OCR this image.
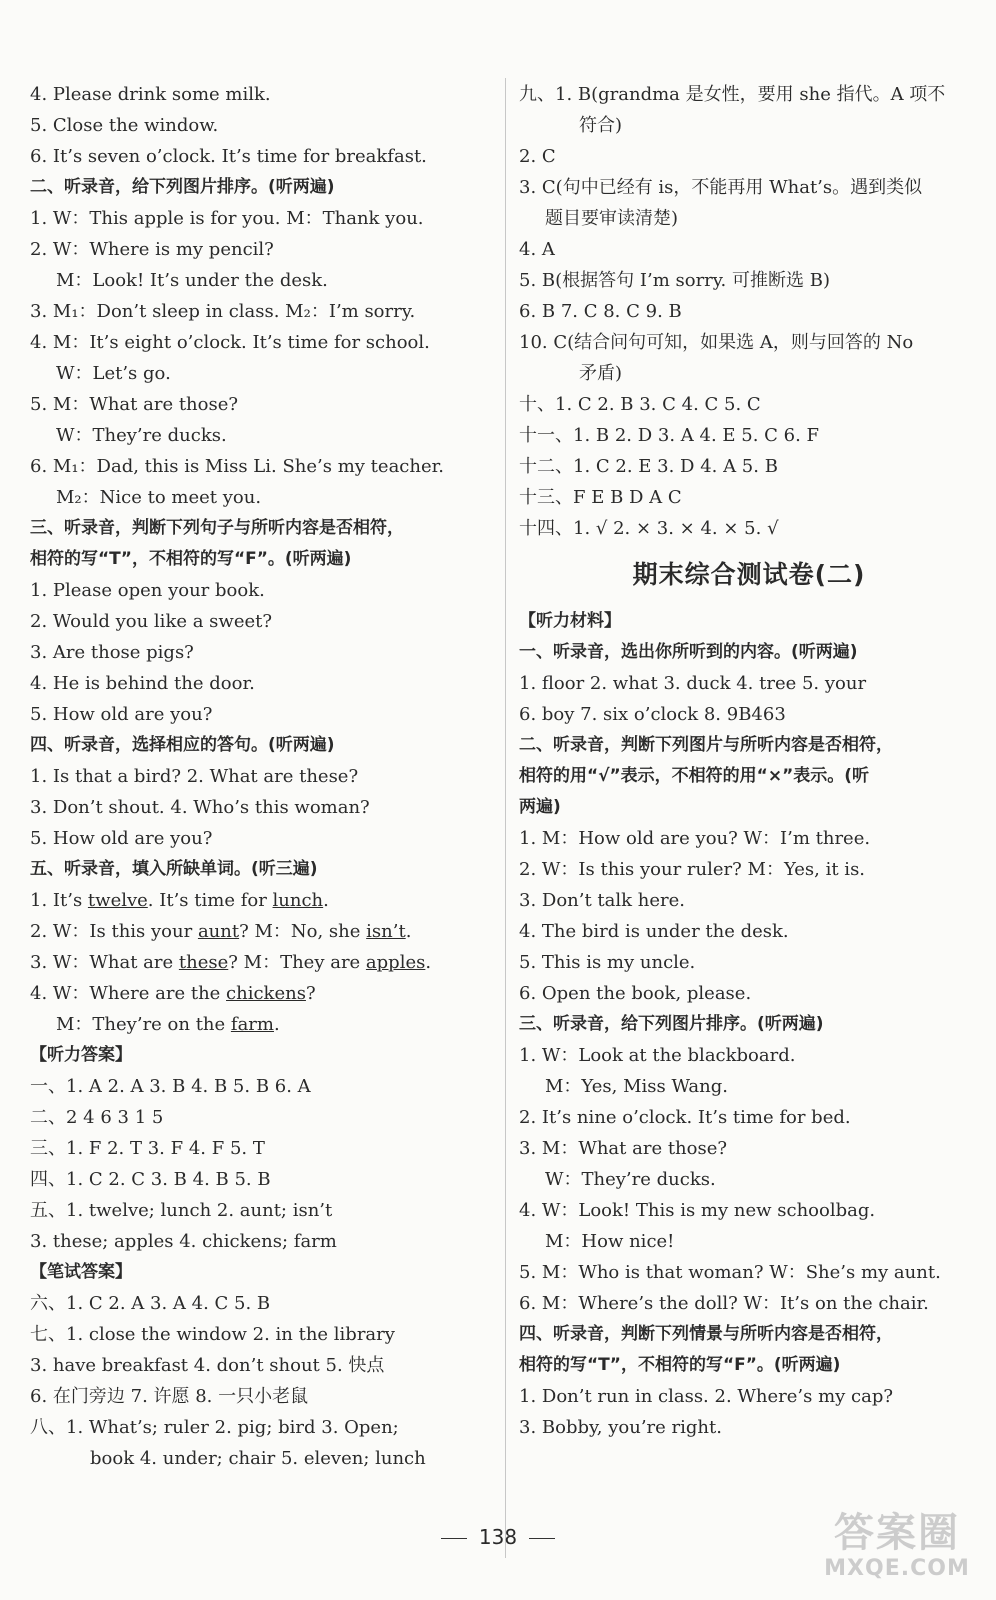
4. Please drink some milk.
5. Close the window.
6. It’s seven o’clock. It’s time for breakfast.
二、听录音，给下列图片排序。(听两遍)
1. W：This apple is for you. M：Thank you.
2. W：Where is my pencil?
M：Look! It’s under the desk.
3. M₁：Don’t sleep in class. M₂：I’m sorry.
4. M：It’s eight o’clock. It’s time for school.
W：Let’s go.
5. M：What are those?
W：They’re ducks.
6. M₁：Dad, this is Miss Li. She’s my teacher.
M₂：Nice to meet you.
三、听录音，判断下列句子与所听内容是否相符，
相符的写“T”，不相符的写“F”。(听两遍)
1. Please open your book.
2. Would you like a sweet?
3. Are those pigs?
4. He is behind the door.
5. How old are you?
四、听录音，选择相应的答句。(听两遍)
1. Is that a bird? 2. What are these?
3. Don’t shout. 4. Who’s this woman?
5. How old are you?
五、听录音，填入所缺单词。(听三遍)
1. It’s twelve. It’s time for lunch.
2. W：Is this your aunt? M：No, she isn’t.
3. W：What are these? M：They are apples.
4. W：Where are the chickens?
M：They’re on the farm.
【听力答案】
一、1. A 2. A 3. B 4. B 5. B 6. A
二、2 4 6 3 1 5
三、1. F 2. T 3. F 4. F 5. T
四、1. C 2. C 3. B 4. B 5. B
五、1. twelve; lunch 2. aunt; isn’t
3. these; apples 4. chickens; farm
【笔试答案】
六、1. C 2. A 3. A 4. C 5. B
七、1. close the window 2. in the library
3. have breakfast 4. don’t shout 5. 快点
6. 在门旁边 7. 许愿 8. 一只小老鼠
八、1. What’s; ruler 2. pig; bird 3. Open;
book 4. under; chair 5. eleven; lunch
九、1. B(grandma 是女性，要用 she 指代。A 项不
符合)
2. C
3. C(句中已经有 is，不能再用 What’s。遇到类似
题目要审读清楚)
4. A
5. B(根据答句 I’m sorry. 可推断选 B)
6. B 7. C 8. C 9. B
10. C(结合问句可知，如果选 A，则与回答的 No
矛盾)
十、1. C 2. B 3. C 4. C 5. C
十一、1. B 2. D 3. A 4. E 5. C 6. F
十二、1. C 2. E 3. D 4. A 5. B
十三、F E B D A C
十四、1. √ 2. × 3. × 4. × 5. √
期末综合测试卷(二)
【听力材料】
一、听录音，选出你所听到的内容。(听两遍)
1. floor 2. what 3. duck 4. tree 5. your
6. boy 7. six o’clock 8. 9B463
二、听录音，判断下列图片与所听内容是否相符，
相符的用“√”表示，不相符的用“×”表示。(听
两遍)
1. M：How old are you? W：I’m three.
2. W：Is this your ruler? M：Yes, it is.
3. Don’t talk here.
4. The bird is under the desk.
5. This is my uncle.
6. Open the book, please.
三、听录音，给下列图片排序。(听两遍)
1. W：Look at the blackboard.
M：Yes, Miss Wang.
2. It’s nine o’clock. It’s time for bed.
3. M：What are those?
W：They’re ducks.
4. W：Look! This is my new schoolbag.
M：How nice!
5. M：Who is that woman? W：She’s my aunt.
6. M：Where’s the doll? W：It’s on the chair.
四、听录音，判断下列情景与所听内容是否相符，
相符的写“T”，不相符的写“F”。(听两遍)
1. Don’t run in class. 2. Where’s my cap?
3. Bobby, you’re right.
138	答案圈
MXQE.COM
